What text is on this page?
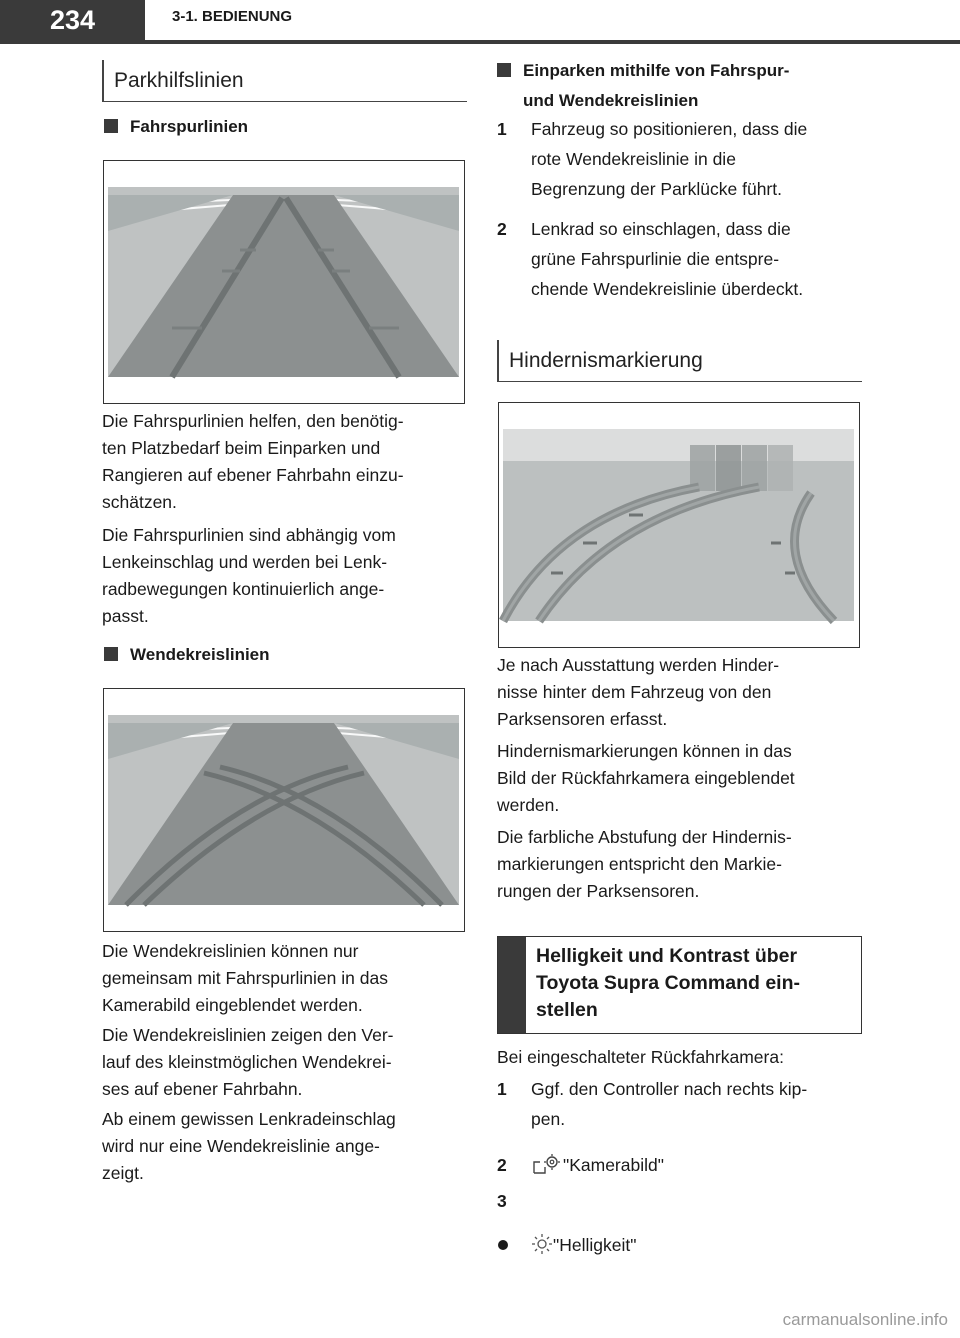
234	3-1. BEDIENUNG
Parkhilfslinien
Fahrspurlinien
Die Fahrspurlinien helfen, den benötig-
ten Platzbedarf beim Einparken und
Rangieren auf ebener Fahrbahn einzu-
schätzen.
Die Fahrspurlinien sind abhängig vom
Lenkeinschlag und werden bei Lenk-
radbewegungen kontinuierlich ange-
passt.
Wendekreislinien
Die Wendekreislinien können nur
gemeinsam mit Fahrspurlinien in das
Kamerabild eingeblendet werden.
Die Wendekreislinien zeigen den Ver-
lauf des kleinstmöglichen Wendekrei-
ses auf ebener Fahrbahn.
Ab einem gewissen Lenkradeinschlag
wird nur eine Wendekreislinie ange-
zeigt.
Einparken mithilfe von Fahrspur-
und Wendekreislinien
1 Fahrzeug so positionieren, dass die
rote Wendekreislinie in die
Begrenzung der Parklücke führt.
2 Lenkrad so einschlagen, dass die
grüne Fahrspurlinie die entspre-
chende Wendekreislinie überdeckt.
Hindernismarkierung
Je nach Ausstattung werden Hinder-
nisse hinter dem Fahrzeug von den
Parksensoren erfasst.
Hindernismarkierungen können in das
Bild der Rückfahrkamera eingeblendet
werden.
Die farbliche Abstufung der Hindernis-
markierungen entspricht den Markie-
rungen der Parksensoren.
Helligkeit und Kontrast über
Toyota Supra Command ein-
stellen
Bei eingeschalteter Rückfahrkamera:
1 Ggf. den Controller nach rechts kip-
pen.
2	"Kamerabild"
3
"Helligkeit"
carmanualsonline.info
